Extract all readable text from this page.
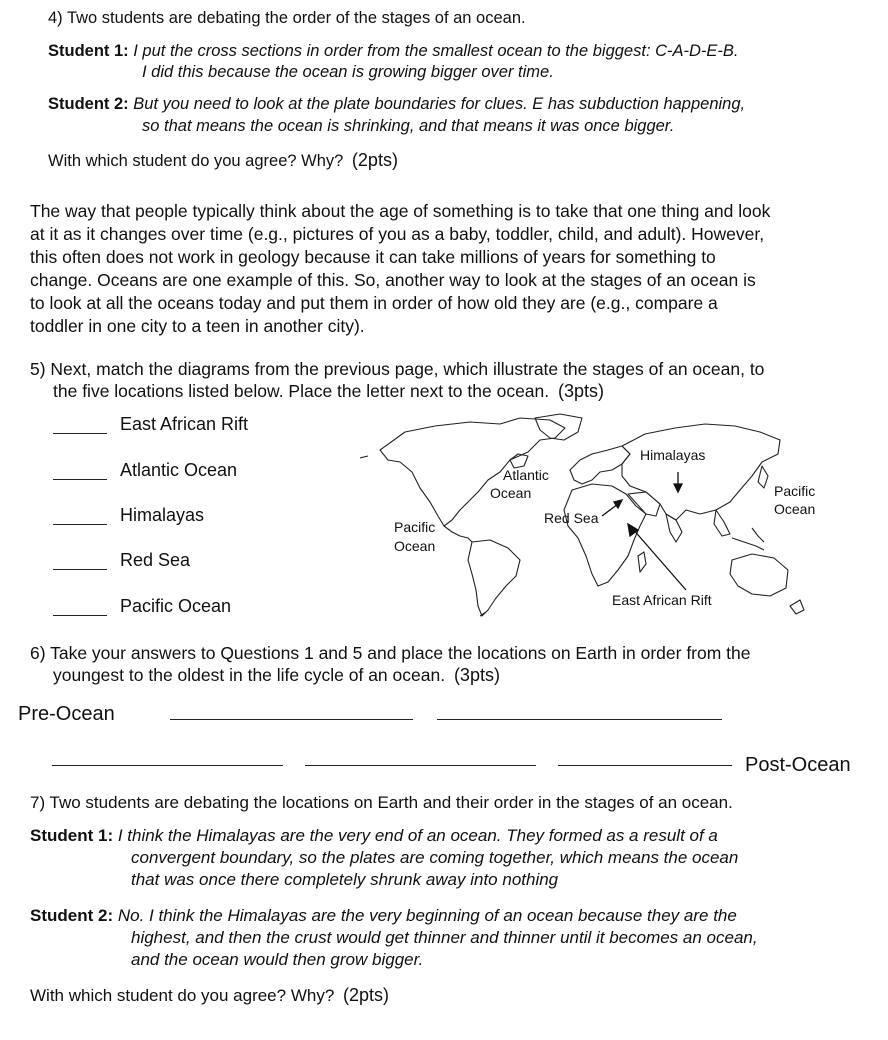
4) Two students are debating the order of the stages of an ocean.
Student 1: I put the cross sections in order from the smallest ocean to the biggest: C-A-D-E-B.
I did this because the ocean is growing bigger over time.
Student 2: But you need to look at the plate boundaries for clues. E has subduction happening,
so that means the ocean is shrinking, and that means it was once bigger.
With which student do you agree? Why? (2pts)
The way that people typically think about the age of something is to take that one thing and look
at it as it changes over time (e.g., pictures of you as a baby, toddler, child, and adult). However,
this often does not work in geology because it can take millions of years for something to
change. Oceans are one example of this. So, another way to look at the stages of an ocean is
to look at all the oceans today and put them in order of how old they are (e.g., compare a
toddler in one city to a teen in another city).
5) Next, match the diagrams from the previous page, which illustrate the stages of an ocean, to
the five locations listed below. Place the letter next to the ocean. (3pts)
East African Rift
Atlantic Ocean
Himalayas
Red Sea
Pacific Ocean
Himalayas
Atlantic
Ocean
Pacific
Ocean
Pacific
Ocean
Red Sea
East African Rift
6) Take your answers to Questions 1 and 5 and place the locations on Earth in order from the
youngest to the oldest in the life cycle of an ocean. (3pts)
Pre-Ocean
Post-Ocean
7) Two students are debating the locations on Earth and their order in the stages of an ocean.
Student 1: I think the Himalayas are the very end of an ocean. They formed as a result of a
convergent boundary, so the plates are coming together, which means the ocean
that was once there completely shrunk away into nothing
Student 2: No. I think the Himalayas are the very beginning of an ocean because they are the
highest, and then the crust would get thinner and thinner until it becomes an ocean,
and the ocean would then grow bigger.
With which student do you agree? Why? (2pts)
